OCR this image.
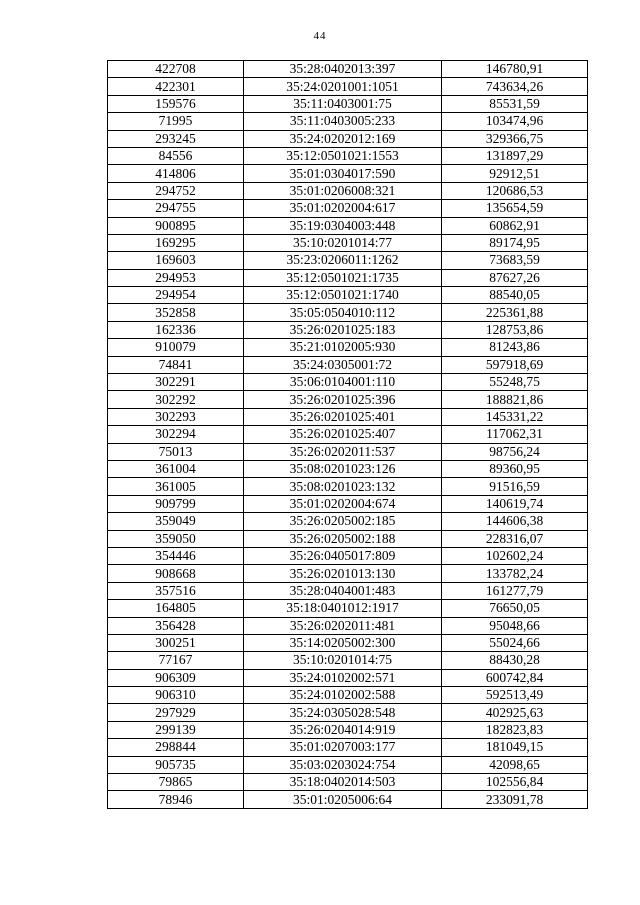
44
422708	35:28:0402013:397	146780,91
422301	35:24:0201001:1051	743634,26
159576	35:11:0403001:75	85531,59
71995	35:11:0403005:233	103474,96
293245	35:24:0202012:169	329366,75
84556	35:12:0501021:1553	131897,29
414806	35:01:0304017:590	92912,51
294752	35:01:0206008:321	120686,53
294755	35:01:0202004:617	135654,59
900895	35:19:0304003:448	60862,91
169295	35:10:0201014:77	89174,95
169603	35:23:0206011:1262	73683,59
294953	35:12:0501021:1735	87627,26
294954	35:12:0501021:1740	88540,05
352858	35:05:0504010:112	225361,88
162336	35:26:0201025:183	128753,86
910079	35:21:0102005:930	81243,86
74841	35:24:0305001:72	597918,69
302291	35:06:0104001:110	55248,75
302292	35:26:0201025:396	188821,86
302293	35:26:0201025:401	145331,22
302294	35:26:0201025:407	117062,31
75013	35:26:0202011:537	98756,24
361004	35:08:0201023:126	89360,95
361005	35:08:0201023:132	91516,59
909799	35:01:0202004:674	140619,74
359049	35:26:0205002:185	144606,38
359050	35:26:0205002:188	228316,07
354446	35:26:0405017:809	102602,24
908668	35:26:0201013:130	133782,24
357516	35:28:0404001:483	161277,79
164805	35:18:0401012:1917	76650,05
356428	35:26:0202011:481	95048,66
300251	35:14:0205002:300	55024,66
77167	35:10:0201014:75	88430,28
906309	35:24:0102002:571	600742,84
906310	35:24:0102002:588	592513,49
297929	35:24:0305028:548	402925,63
299139	35:26:0204014:919	182823,83
298844	35:01:0207003:177	181049,15
905735	35:03:0203024:754	42098,65
79865	35:18:0402014:503	102556,84
78946	35:01:0205006:64	233091,78
